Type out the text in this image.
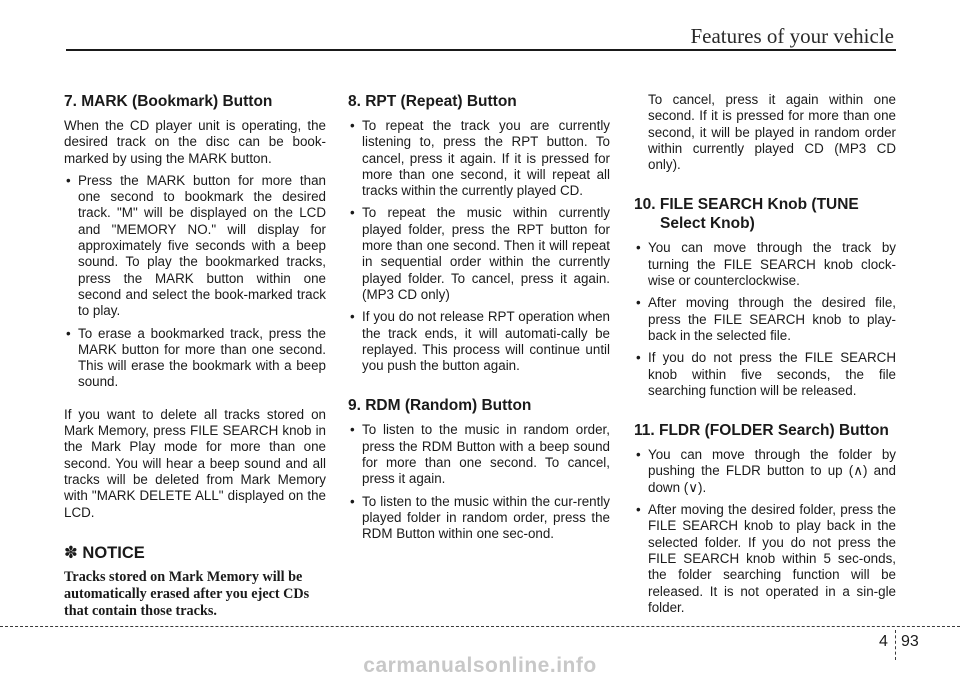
Features of your vehicle
7. MARK (Bookmark) Button

When the CD player unit is operating, the desired track on the disc can be book-marked by using the MARK button.

• Press the MARK button for more than one second to bookmark the desired track. "M" will be displayed on the LCD and "MEMORY NO." will display for approximately five seconds with a beep sound. To play the bookmarked tracks, press the MARK button within one second and select the book-marked track to play.
• To erase a bookmarked track, press the MARK button for more than one second. This will erase the bookmark with a beep sound.

If you want to delete all tracks stored on Mark Memory, press FILE SEARCH knob in the Mark Play mode for more than one second. You will hear a beep sound and all tracks will be deleted from Mark Memory with "MARK DELETE ALL" displayed on the LCD.

✽ NOTICE

Tracks stored on Mark Memory will be automatically erased after you eject CDs that contain those tracks.

8. RPT (Repeat) Button
• To repeat the track you are currently listening to, press the RPT button. To cancel, press it again. If it is pressed for more than one second, it will repeat all tracks within the currently played CD.
• To repeat the music within currently played folder, press the RPT button for more than one second. Then it will repeat in sequential order within the currently played folder. To cancel, press it again. (MP3 CD only)
• If you do not release RPT operation when the track ends, it will automati-cally be replayed. This process will continue until you push the button again.
9. RDM (Random) Button
• To listen to the music in random order, press the RDM Button with a beep sound for more than one second. To cancel, press it again.
• To listen to the music within the cur-rently played folder in random order, press the RDM Button within one sec-ond.

To cancel, press it again within one second. If it is pressed for more than one second, it will be played in random order within currently played CD (MP3 CD only).

10. FILE SEARCH Knob (TUNE Select Knob)
• You can move through the track by turning the FILE SEARCH knob clock-wise or counterclockwise.
• After moving through the desired file, press the FILE SEARCH knob to play-back in the selected file.
• If you do not press the FILE SEARCH knob within five seconds, the file searching function will be released.
11. FLDR (FOLDER Search) Button
• You can move through the folder by pushing the FLDR button to up (∧) and down (∨).
• After moving the desired folder, press the FILE SEARCH knob to play back in the selected folder. If you do not press the FILE SEARCH knob within 5 sec-onds, the folder searching function will be released. It is not operated in a sin-gle folder.
4 93
carmanualsonline.info
